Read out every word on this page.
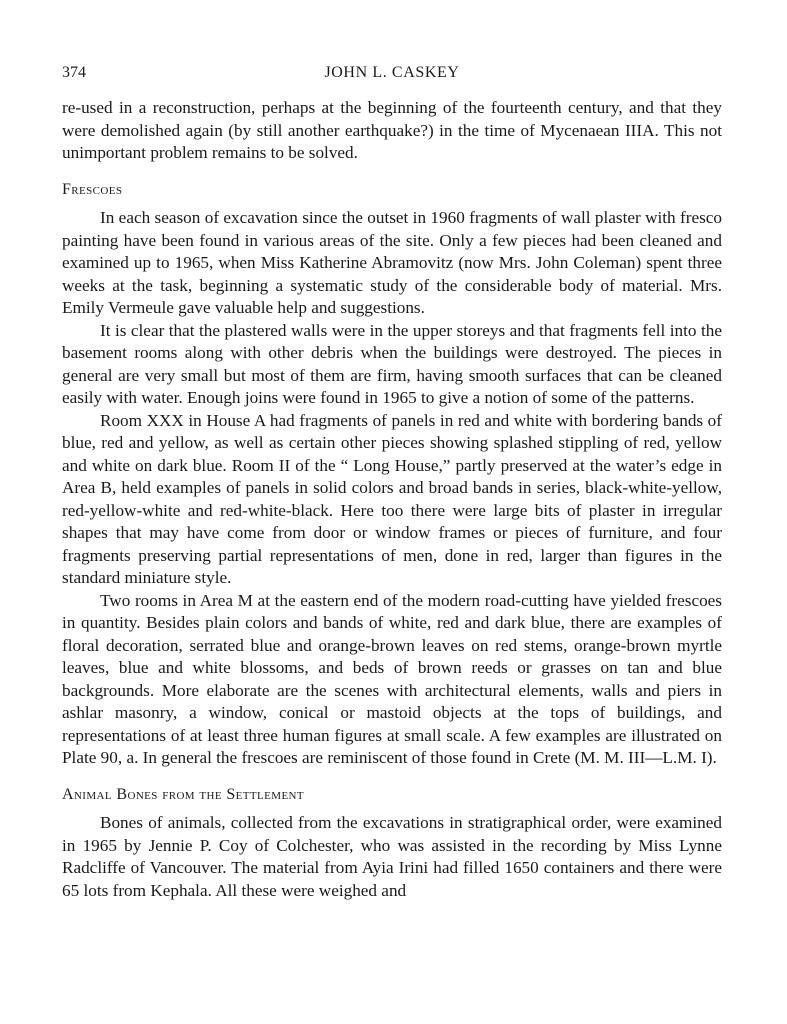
374	JOHN L. CASKEY

re-used in a reconstruction, perhaps at the beginning of the fourteenth century, and that they were demolished again (by still another earthquake?) in the time of Mycenaean IIIA. This not unimportant problem remains to be solved.

Frescoes

In each season of excavation since the outset in 1960 fragments of wall plaster with fresco painting have been found in various areas of the site. Only a few pieces had been cleaned and examined up to 1965, when Miss Katherine Abramovitz (now Mrs. John Coleman) spent three weeks at the task, beginning a systematic study of the considerable body of material. Mrs. Emily Vermeule gave valuable help and suggestions.

It is clear that the plastered walls were in the upper storeys and that fragments fell into the basement rooms along with other debris when the buildings were destroyed. The pieces in general are very small but most of them are firm, having smooth surfaces that can be cleaned easily with water. Enough joins were found in 1965 to give a notion of some of the patterns.

Room XXX in House A had fragments of panels in red and white with bordering bands of blue, red and yellow, as well as certain other pieces showing splashed stippling of red, yellow and white on dark blue. Room II of the “ Long House,” partly preserved at the water’s edge in Area B, held examples of panels in solid colors and broad bands in series, black-white-yellow, red-yellow-white and red-white-black. Here too there were large bits of plaster in irregular shapes that may have come from door or window frames or pieces of furniture, and four fragments preserving partial representations of men, done in red, larger than figures in the standard miniature style.

Two rooms in Area M at the eastern end of the modern road-cutting have yielded frescoes in quantity. Besides plain colors and bands of white, red and dark blue, there are examples of floral decoration, serrated blue and orange-brown leaves on red stems, orange-brown myrtle leaves, blue and white blossoms, and beds of brown reeds or grasses on tan and blue backgrounds. More elaborate are the scenes with architectural elements, walls and piers in ashlar masonry, a window, conical or mastoid objects at the tops of buildings, and representations of at least three human figures at small scale. A few examples are illustrated on Plate 90, a. In general the frescoes are reminiscent of those found in Crete (M. M. III—L.M. I).

Animal Bones from the Settlement

Bones of animals, collected from the excavations in stratigraphical order, were examined in 1965 by Jennie P. Coy of Colchester, who was assisted in the recording by Miss Lynne Radcliffe of Vancouver. The material from Ayia Irini had filled 1650 containers and there were 65 lots from Kephala. All these were weighed and
